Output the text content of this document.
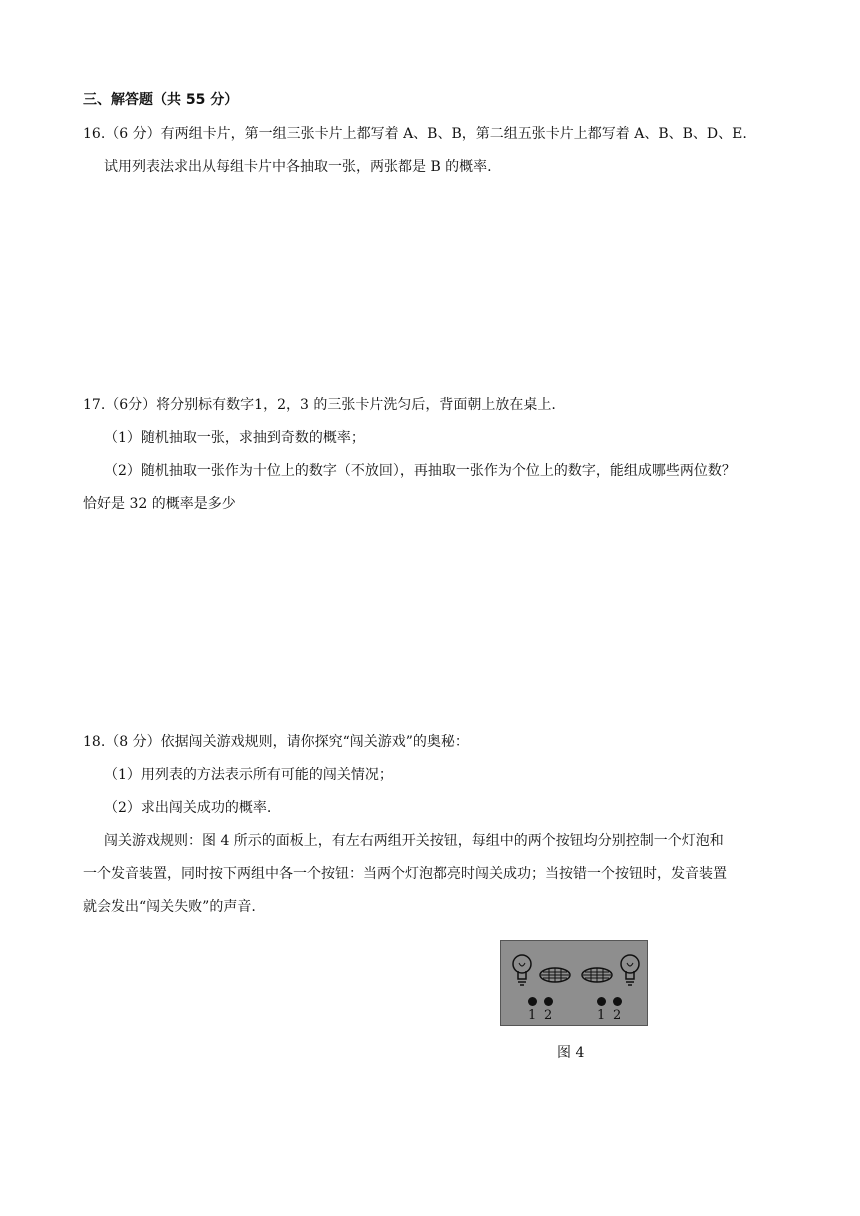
三、解答题（共 55 分）
16.（6 分）有两组卡片，第一组三张卡片上都写着 A、B、B，第二组五张卡片上都写着 A、B、B、D、E.
试用列表法求出从每组卡片中各抽取一张，两张都是 B 的概率.
17.（6分）将分别标有数字1，2，3 的三张卡片洗匀后，背面朝上放在桌上.
（1）随机抽取一张，求抽到奇数的概率；
（2）随机抽取一张作为十位上的数字（不放回），再抽取一张作为个位上的数字，能组成哪些两位数？
恰好是 32 的概率是多少
18.（8 分）依据闯关游戏规则，请你探究“闯关游戏”的奥秘：
（1）用列表的方法表示所有可能的闯关情况；
（2）求出闯关成功的概率.
闯关游戏规则：图 4 所示的面板上，有左右两组开关按钮，每组中的两个按钮均分别控制一个灯泡和
一个发音装置，同时按下两组中各一个按钮：当两个灯泡都亮时闯关成功；当按错一个按钮时，发音装置
就会发出“闯关失败”的声音.
1 2	1 2
图 4
